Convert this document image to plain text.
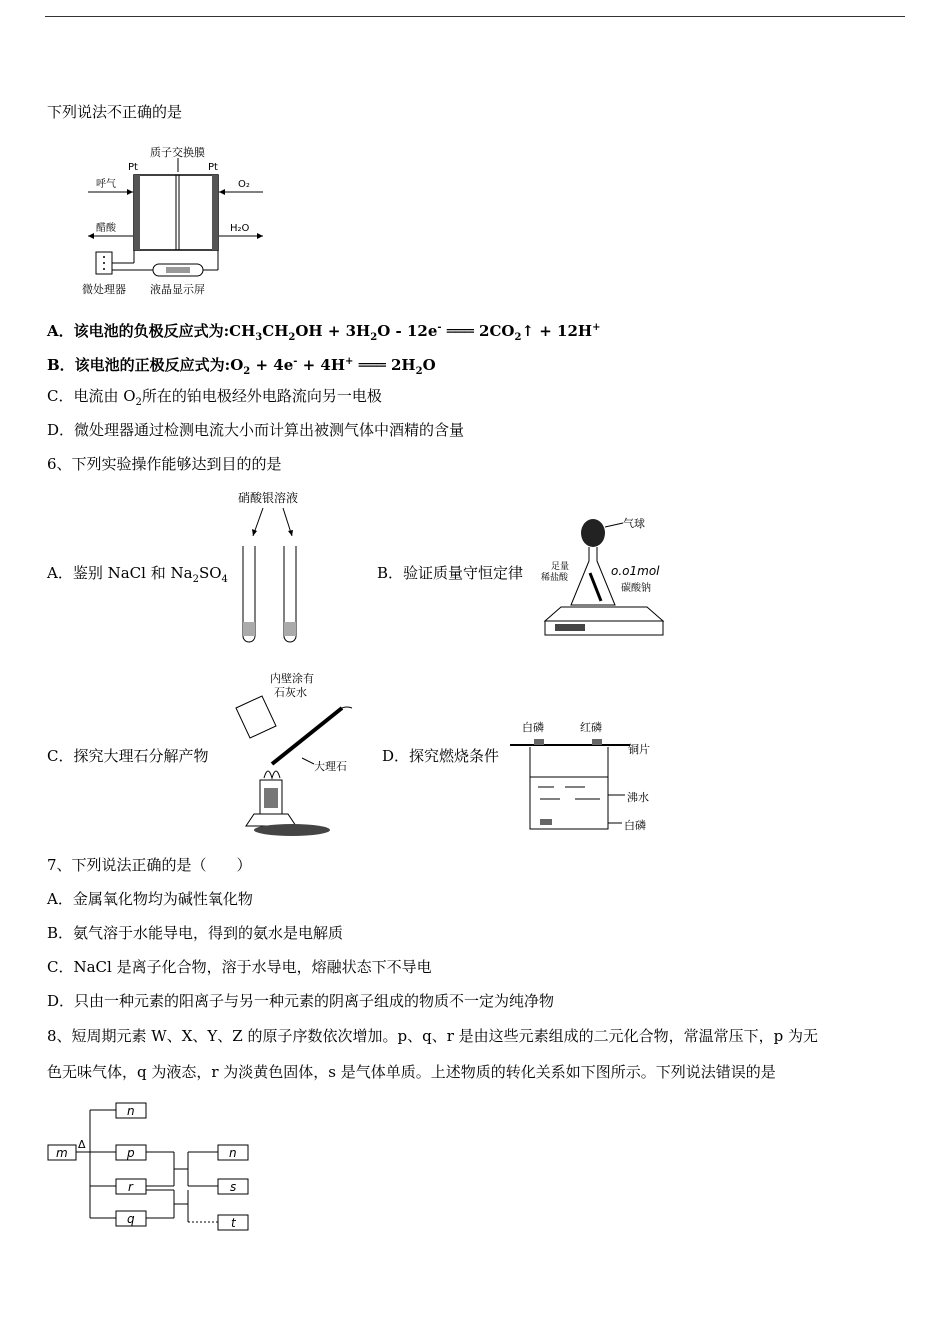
下列说法不正确的是
质子交换膜
Pt	Pt
呼气	O₂
醋酸	H₂O
微处理器 液晶显示屏
A．该电池的负极反应式为$:CH_3CH_2OH + 3H_2O - 12e^-$ ═══ $2CO_2↑ + 12H^+$
B．该电池的正极反应式为$:O_2 + 4e^- + 4H^+$ ═══ $2H_2O$
C．电流由 $O_2$所在的铂电极经外电路流向另一电极
D．微处理器通过检测电流大小而计算出被测气体中酒精的含量
6、下列实验操作能够达到目的的是
A．鉴别 NaCl 和 $Na_2SO_4$
硝酸银溶液
B．验证质量守恒定律
气球
足量
稀盐酸	o.o1mol
碳酸钠
C．探究大理石分解产物
内壁涂有
石灰水
大理石
D．探究燃烧条件
白磷	红磷
铜片
沸水
白磷
7、下列说法正确的是（　　）
A．金属氧化物均为碱性氧化物
B．氨气溶于水能导电，得到的氨水是电解质
C．NaCl 是离子化合物，溶于水导电，熔融状态下不导电
D．只由一种元素的阳离子与另一种元素的阴离子组成的物质不一定为纯净物
8、短周期元素 W、X、Y、Z 的原子序数依次增加。p、q、r 是由这些元素组成的二元化合物，常温常压下，p 为无
色无味气体，q 为液态，r 为淡黄色固体，s 是气体单质。上述物质的转化关系如下图所示。下列说法错误的是
m
Δ
n
p
r
q
n
s
t
